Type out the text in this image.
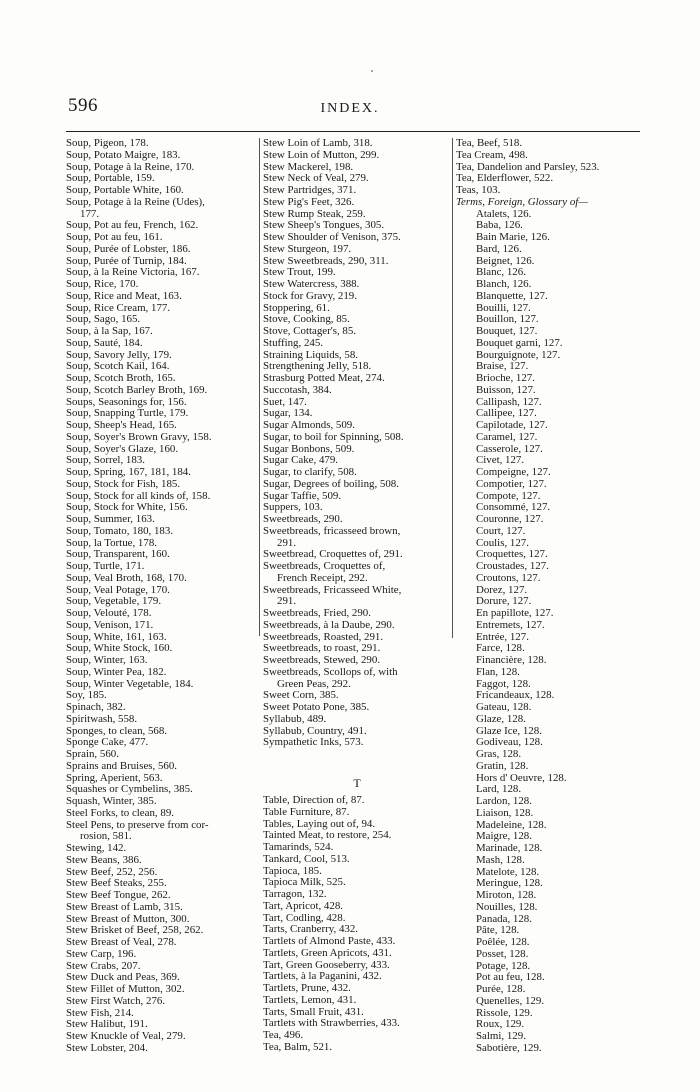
596	INDEX.
Soup, Pigeon, 178.
Soup, Potato Maigre, 183.
Soup, Potage à la Reine, 170.
Soup, Portable, 159.
Soup, Portable White, 160.
Soup, Potage à la Reine (Udes),
177.
Soup, Pot au feu, French, 162.
Soup, Pot au feu, 161.
Soup, Purée of Lobster, 186.
Soup, Purée of Turnip, 184.
Soup, à la Reine Victoria, 167.
Soup, Rice, 170.
Soup, Rice and Meat, 163.
Soup, Rice Cream, 177.
Soup, Sago, 165.
Soup, à la Sap, 167.
Soup, Sauté, 184.
Soup, Savory Jelly, 179.
Soup, Scotch Kail, 164.
Soup, Scotch Broth, 165.
Soup, Scotch Barley Broth, 169.
Soups, Seasonings for, 156.
Soup, Snapping Turtle, 179.
Soup, Sheep's Head, 165.
Soup, Soyer's Brown Gravy, 158.
Soup, Soyer's Glaze, 160.
Soup, Sorrel, 183.
Soup, Spring, 167, 181, 184.
Soup, Stock for Fish, 185.
Soup, Stock for all kinds of, 158.
Soup, Stock for White, 156.
Soup, Summer, 163.
Soup, Tomato, 180, 183.
Soup, la Tortue, 178.
Soup, Transparent, 160.
Soup, Turtle, 171.
Soup, Veal Broth, 168, 170.
Soup, Veal Potage, 170.
Soup, Vegetable, 179.
Soup, Velouté, 178.
Soup, Venison, 171.
Soup, White, 161, 163.
Soup, White Stock, 160.
Soup, Winter, 163.
Soup, Winter Pea, 182.
Soup, Winter Vegetable, 184.
Soy, 185.
Spinach, 382.
Spiritwash, 558.
Sponges, to clean, 568.
Sponge Cake, 477.
Sprain, 560.
Sprains and Bruises, 560.
Spring, Aperient, 563.
Squashes or Cymbelins, 385.
Squash, Winter, 385.
Steel Forks, to clean, 89.
Steel Pens, to preserve from cor-
rosion, 581.
Stewing, 142.
Stew Beans, 386.
Stew Beef, 252, 256.
Stew Beef Steaks, 255.
Stew Beef Tongue, 262.
Stew Breast of Lamb, 315.
Stew Breast of Mutton, 300.
Stew Brisket of Beef, 258, 262.
Stew Breast of Veal, 278.
Stew Carp, 196.
Stew Crabs, 207.
Stew Duck and Peas, 369.
Stew Fillet of Mutton, 302.
Stew First Watch, 276.
Stew Fish, 214.
Stew Halibut, 191.
Stew Knuckle of Veal, 279.
Stew Lobster, 204.
Stew Loin of Lamb, 318.
Stew Loin of Mutton, 299.
Stew Mackerel, 198.
Stew Neck of Veal, 279.
Stew Partridges, 371.
Stew Pig's Feet, 326.
Stew Rump Steak, 259.
Stew Sheep's Tongues, 305.
Stew Shoulder of Venison, 375.
Stew Sturgeon, 197.
Stew Sweetbreads, 290, 311.
Stew Trout, 199.
Stew Watercress, 388.
Stock for Gravy, 219.
Stoppering, 61.
Stove, Cooking, 85.
Stove, Cottager's, 85.
Stuffing, 245.
Straining Liquids, 58.
Strengthening Jelly, 518.
Strasburg Potted Meat, 274.
Succotash, 384.
Suet, 147.
Sugar, 134.
Sugar Almonds, 509.
Sugar, to boil for Spinning, 508.
Sugar Bonbons, 509.
Sugar Cake, 479.
Sugar, to clarify, 508.
Sugar, Degrees of boiling, 508.
Sugar Taffie, 509.
Suppers, 103.
Sweetbreads, 290.
Sweetbreads, fricasseed brown,
291.
Sweetbread, Croquettes of, 291.
Sweetbreads, Croquettes of,
French Receipt, 292.
Sweetbreads, Fricasseed White,
291.
Sweetbreads, Fried, 290.
Sweetbreads, à la Daube, 290.
Sweetbreads, Roasted, 291.
Sweetbreads, to roast, 291.
Sweetbreads, Stewed, 290.
Sweetbreads, Scollops of, with
Green Peas, 292.
Sweet Corn, 385.
Sweet Potato Pone, 385.
Syllabub, 489.
Syllabub, Country, 491.
Sympathetic Inks, 573.
T
Table, Direction of, 87.
Table Furniture, 87.
Tables, Laying out of, 94.
Tainted Meat, to restore, 254.
Tamarinds, 524.
Tankard, Cool, 513.
Tapioca, 185.
Tapioca Milk, 525.
Tarragon, 132.
Tart, Apricot, 428.
Tart, Codling, 428.
Tarts, Cranberry, 432.
Tartlets of Almond Paste, 433.
Tartlets, Green Apricots, 431.
Tart, Green Gooseberry, 433.
Tartlets, à la Paganini, 432.
Tartlets, Prune, 432.
Tartlets, Lemon, 431.
Tarts, Small Fruit, 431.
Tartlets with Strawberries, 433.
Tea, 496.
Tea, Balm, 521.
Tea, Beef, 518.
Tea Cream, 498.
Tea, Dandelion and Parsley, 523.
Tea, Elderflower, 522.
Teas, 103.
Terms, Foreign, Glossary of—
Atalets, 126.
Baba, 126.
Bain Marie, 126.
Bard, 126.
Beignet, 126.
Blanc, 126.
Blanch, 126.
Blanquette, 127.
Bouilli, 127.
Bouillon, 127.
Bouquet, 127.
Bouquet garni, 127.
Bourguignote, 127.
Braise, 127.
Brioche, 127.
Buisson, 127.
Callipash, 127.
Callipee, 127.
Capilotade, 127.
Caramel, 127.
Casserole, 127.
Civet, 127.
Compeigne, 127.
Compotier, 127.
Compote, 127.
Consommé, 127.
Couronne, 127.
Court, 127.
Coulis, 127.
Croquettes, 127.
Croustades, 127.
Croutons, 127.
Dorez, 127.
Dorure, 127.
En papillote, 127.
Entremets, 127.
Entrée, 127.
Farce, 128.
Financière, 128.
Flan, 128.
Faggot, 128.
Fricandeaux, 128.
Gateau, 128.
Glaze, 128.
Glaze Ice, 128.
Godiveau, 128.
Gras, 128.
Gratin, 128.
Hors d' Oeuvre, 128.
Lard, 128.
Lardon, 128.
Liaison, 128.
Madeleine, 128.
Maigre, 128.
Marinade, 128.
Mash, 128.
Matelote, 128.
Meringue, 128.
Miroton, 128.
Nouilles, 128.
Panada, 128.
Pâte, 128.
Poêlée, 128.
Posset, 128.
Potage, 128.
Pot au feu, 128.
Purée, 128.
Quenelles, 129.
Rissole, 129.
Roux, 129.
Salmi, 129.
Sabotière, 129.
